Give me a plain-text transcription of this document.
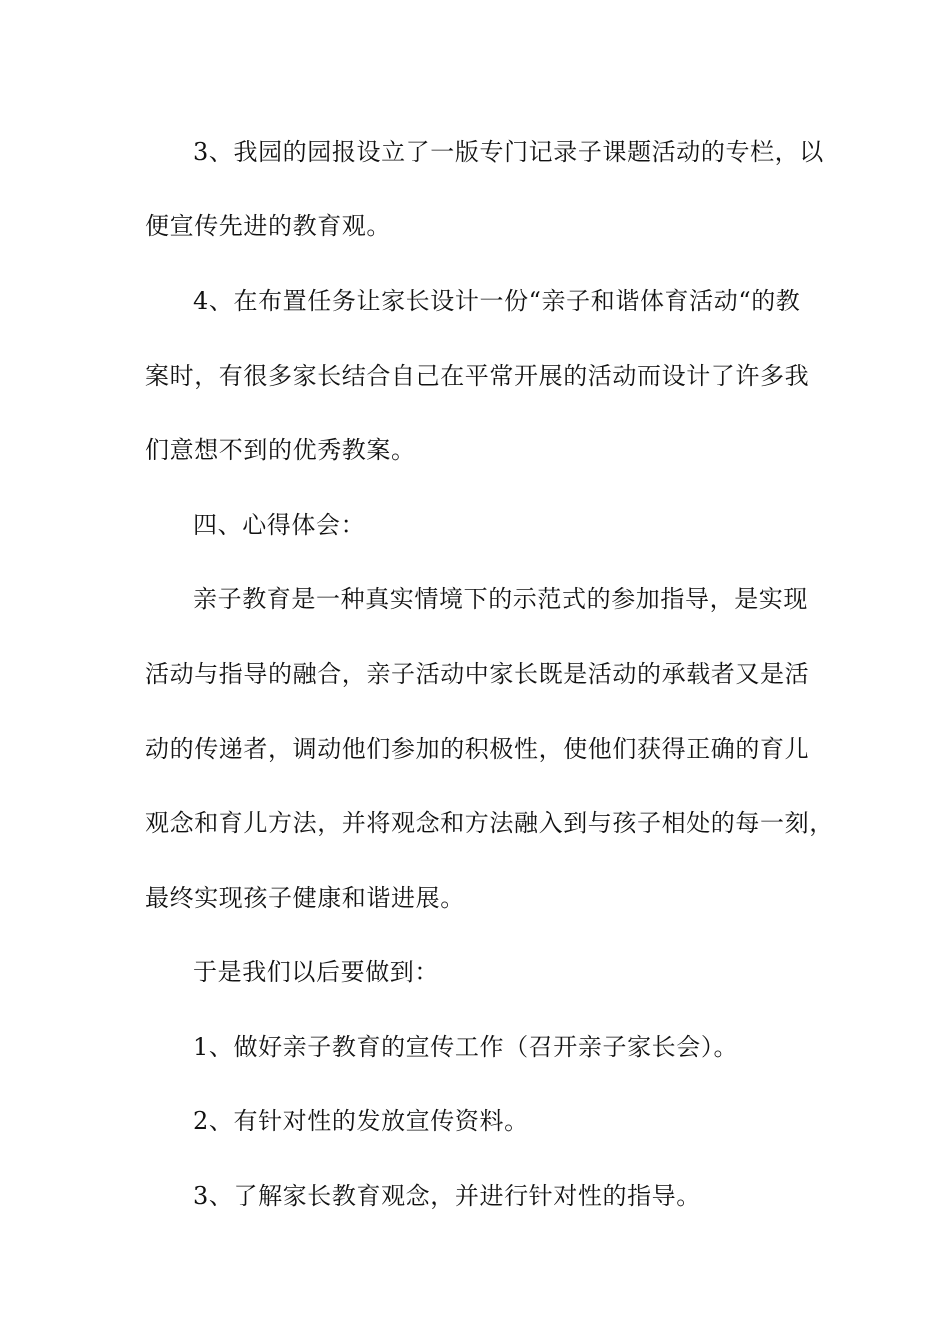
3、我园的园报设立了一版专门记录子课题活动的专栏，以
便宣传先进的教育观。
4、在布置任务让家长设计一份“亲子和谐体育活动“的教
案时，有很多家长结合自己在平常开展的活动而设计了许多我
们意想不到的优秀教案。
四、心得体会：
亲子教育是一种真实情境下的示范式的参加指导，是实现
活动与指导的融合，亲子活动中家长既是活动的承载者又是活
动的传递者，调动他们参加的积极性，使他们获得正确的育儿
观念和育儿方法，并将观念和方法融入到与孩子相处的每一刻，
最终实现孩子健康和谐进展。
于是我们以后要做到：
1、做好亲子教育的宣传工作（召开亲子家长会）。
2、有针对性的发放宣传资料。
3、了解家长教育观念，并进行针对性的指导。
